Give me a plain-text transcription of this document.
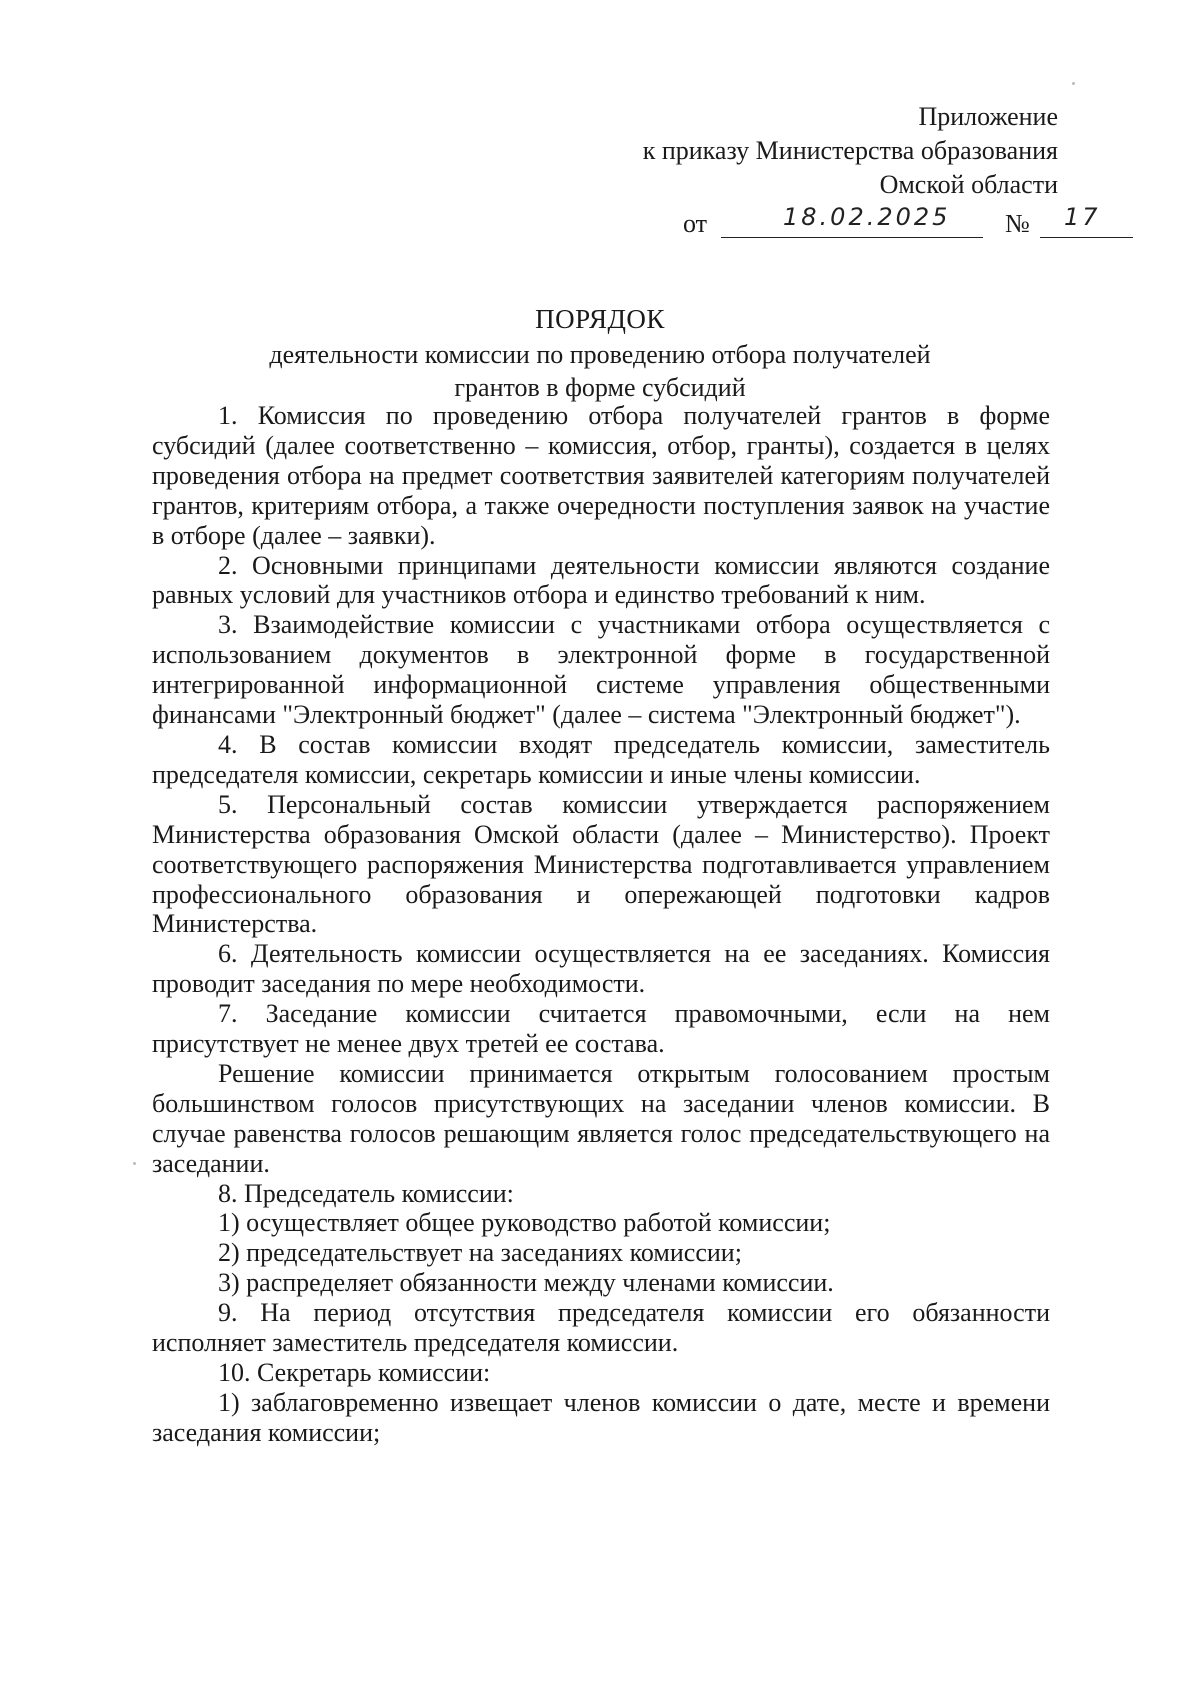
Приложение
к приказу Министерства образования
Омской области
от	18.02.2025 № 17
ПОРЯДОК
деятельности комиссии по проведению отбора получателей
грантов в форме субсидий

1. Комиссия по проведению отбора получателей грантов в форме субсидий (далее соответственно – комиссия, отбор, гранты), создается в целях проведения отбора на предмет соответствия заявителей категориям получателей грантов, критериям отбора, а также очередности поступления заявок на участие в отборе (далее – заявки).

2. Основными принципами деятельности комиссии являются создание равных условий для участников отбора и единство требований к ним.

3. Взаимодействие комиссии с участниками отбора осуществляется с использованием документов в электронной форме в государственной интегрированной информационной системе управления общественными финансами "Электронный бюджет" (далее – система "Электронный бюджет").

4. В состав комиссии входят председатель комиссии, заместитель председателя комиссии, секретарь комиссии и иные члены комиссии.

5. Персональный состав комиссии утверждается распоряжением Министерства образования Омской области (далее – Министерство). Проект соответствующего распоряжения Министерства подготавливается управлением профессионального образования и опережающей подготовки кадров Министерства.

6. Деятельность комиссии осуществляется на ее заседаниях. Комиссия проводит заседания по мере необходимости.

7. Заседание комиссии считается правомочными, если на нем присутствует не менее двух третей ее состава.

Решение комиссии принимается открытым голосованием простым большинством голосов присутствующих на заседании членов комиссии. В случае равенства голосов решающим является голос председательствующего на заседании.

8. Председатель комиссии:

1) осуществляет общее руководство работой комиссии;

2) председательствует на заседаниях комиссии;

3) распределяет обязанности между членами комиссии.

9. На период отсутствия председателя комиссии его обязанности исполняет заместитель председателя комиссии.

10. Секретарь комиссии:

1) заблаговременно извещает членов комиссии о дате, месте и времени заседания комиссии;
